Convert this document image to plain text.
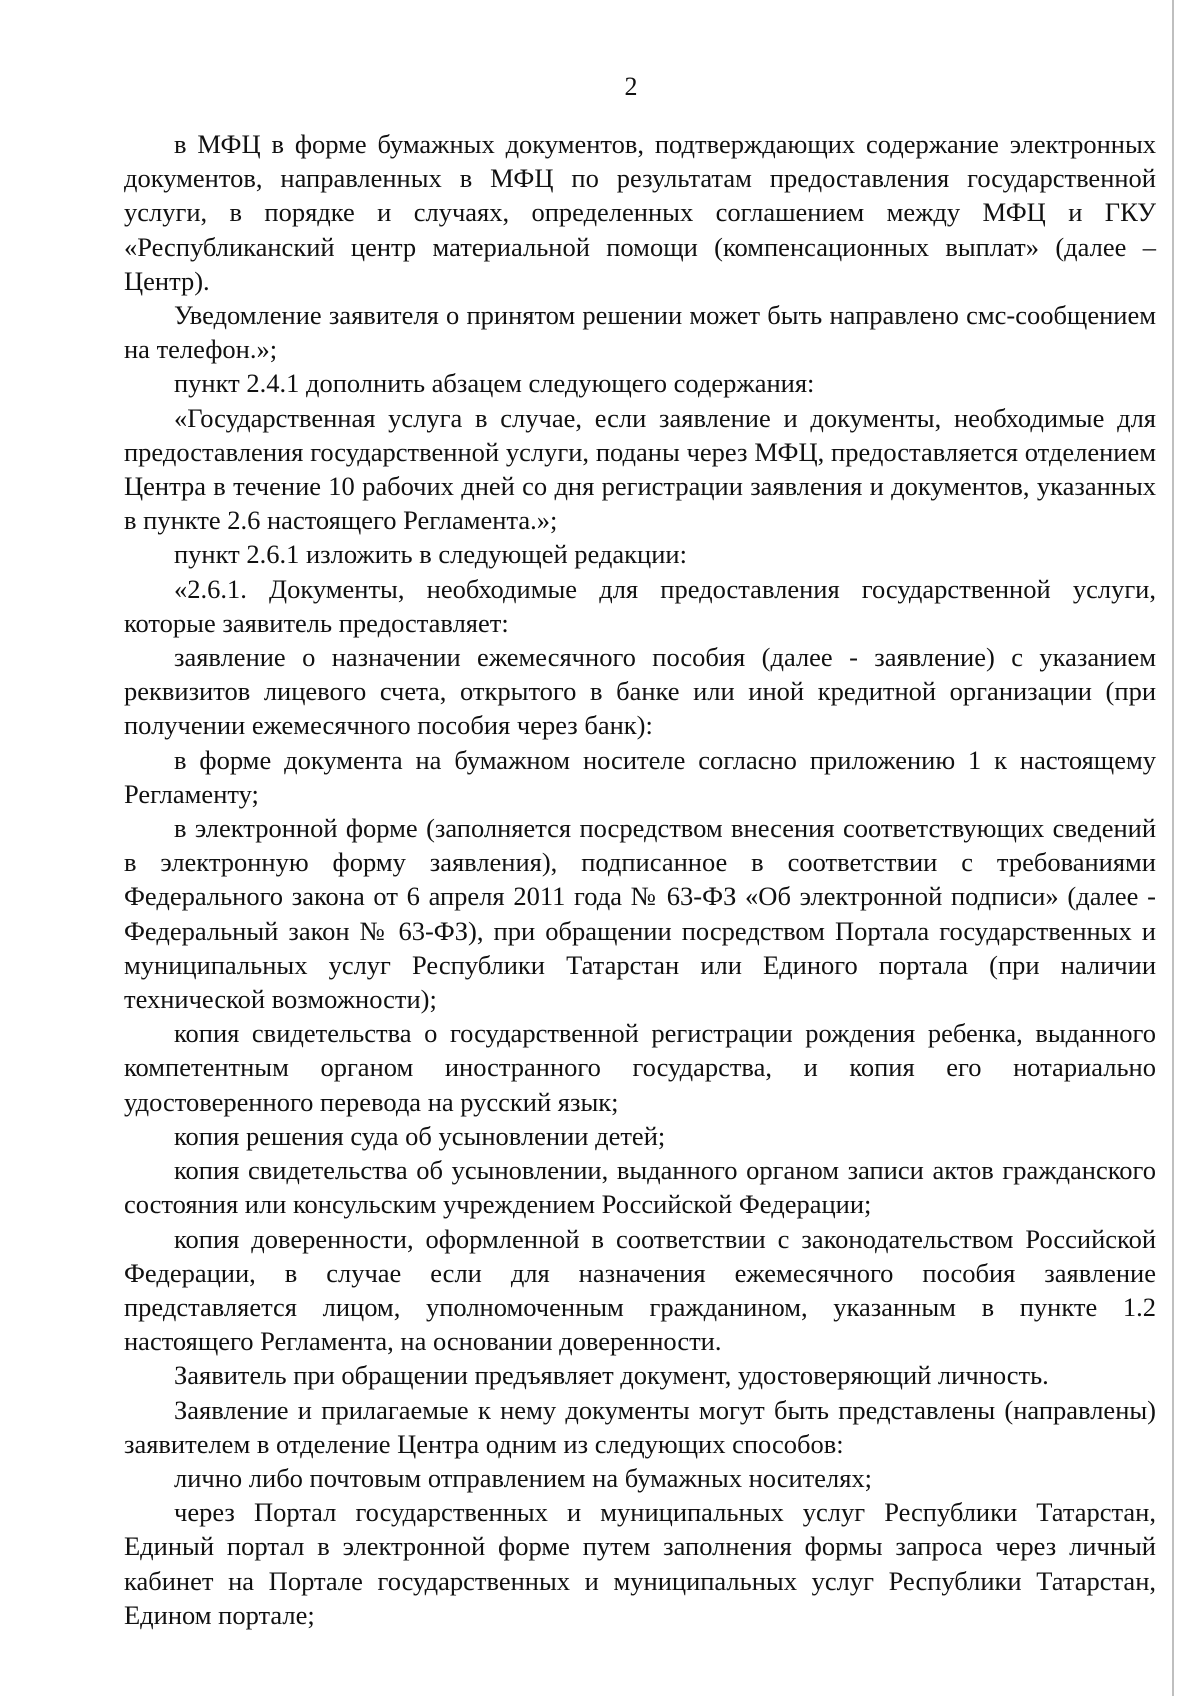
2

в МФЦ в форме бумажных документов, подтверждающих содержание электронных документов, направленных в МФЦ по результатам предоставления государственной услуги, в порядке и случаях, определенных соглашением между МФЦ и ГКУ «Республиканский центр материальной помощи (компенсационных выплат» (далее – Центр).

Уведомление заявителя о принятом решении может быть направлено смс-сообщением на телефон.»;

пункт 2.4.1 дополнить абзацем следующего содержания:

«Государственная услуга в случае, если заявление и документы, необходимые для предоставления государственной услуги, поданы через МФЦ, предоставляется отделением Центра в течение 10 рабочих дней со дня регистрации заявления и документов, указанных в пункте 2.6 настоящего Регламента.»;

пункт 2.6.1 изложить в следующей редакции:

«2.6.1. Документы, необходимые для предоставления государственной услуги, которые заявитель предоставляет:

заявление о назначении ежемесячного пособия (далее - заявление) с указанием реквизитов лицевого счета, открытого в банке или иной кредитной организации (при получении ежемесячного пособия через банк):

в форме документа на бумажном носителе согласно приложению 1 к настоящему Регламенту;

в электронной форме (заполняется посредством внесения соответствующих сведений в электронную форму заявления), подписанное в соответствии с требованиями Федерального закона от 6 апреля 2011 года № 63-ФЗ «Об электронной подписи» (далее - Федеральный закон № 63-ФЗ), при обращении посредством Портала государственных и муниципальных услуг Республики Татарстан или Единого портала (при наличии технической возможности);

копия свидетельства о государственной регистрации рождения ребенка, выданного компетентным органом иностранного государства, и копия его нотариально удостоверенного перевода на русский язык;

копия решения суда об усыновлении детей;

копия свидетельства об усыновлении, выданного органом записи актов гражданского состояния или консульским учреждением Российской Федерации;

копия доверенности, оформленной в соответствии с законодательством Российской Федерации, в случае если для назначения ежемесячного пособия заявление представляется лицом, уполномоченным гражданином, указанным в пункте 1.2 настоящего Регламента, на основании доверенности.

Заявитель при обращении предъявляет документ, удостоверяющий личность.

Заявление и прилагаемые к нему документы могут быть представлены (направлены) заявителем в отделение Центра одним из следующих способов:

лично либо почтовым отправлением на бумажных носителях;

через Портал государственных и муниципальных услуг Республики Татарстан, Единый портал в электронной форме путем заполнения формы запроса через личный кабинет на Портале государственных и муниципальных услуг Республики Татарстан, Едином портале;
